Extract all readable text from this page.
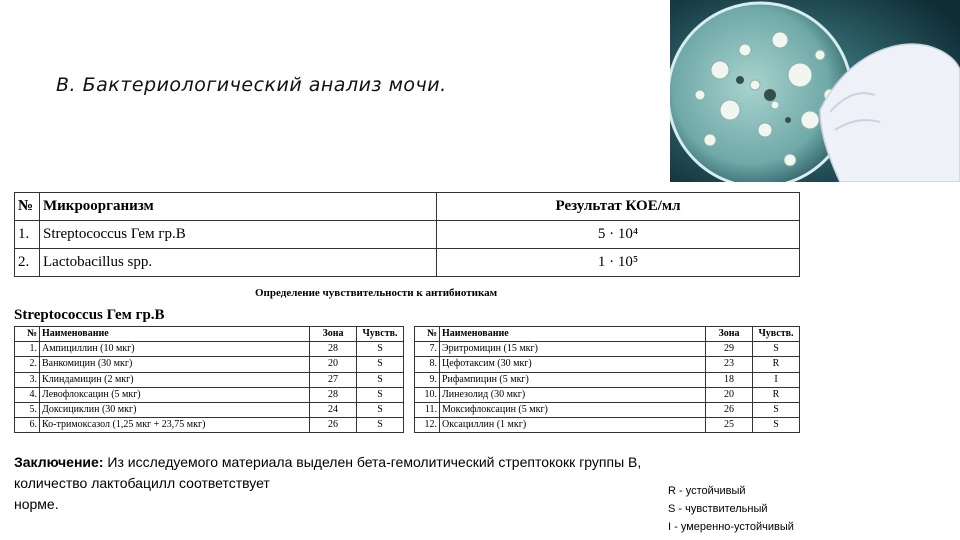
B. Бактериологический анализ мочи.
№	Микроорганизм	Результат КОЕ/мл
1.	Streptococcus Гем гр.B	5 · 10⁴
2.	Lactobacillus spp.	1 · 10⁵
Определение чувствительности к антибиотикам
Streptococcus Гем гр.B
№	Наименование	Зона	Чувств.
1.	Ампициллин (10 мкг)	28	S
2.	Ванкомицин (30 мкг)	20	S
3.	Клиндамицин (2 мкг)	27	S
4.	Левофлоксацин (5 мкг)	28	S
5.	Доксициклин (30 мкг)	24	S
6.	Ко-тримоксазол (1,25 мкг + 23,75 мкг)	26	S
№	Наименование	Зона	Чувств.
7.	Эритромицин (15 мкг)	29	S
8.	Цефотаксим (30 мкг)	23	R
9.	Рифампицин (5 мкг)	18	I
10.	Линезолид (30 мкг)	20	R
11.	Моксифлоксацин (5 мкг)	26	S
12.	Оксациллин (1 мкг)	25	S
Заключение: Из исследуемого материала выделен бета-гемолитический стрептококк группы B,
количество лактобацилл соответствует
норме.
R - устойчивый
S - чувствительный
I - умеренно-устойчивый
